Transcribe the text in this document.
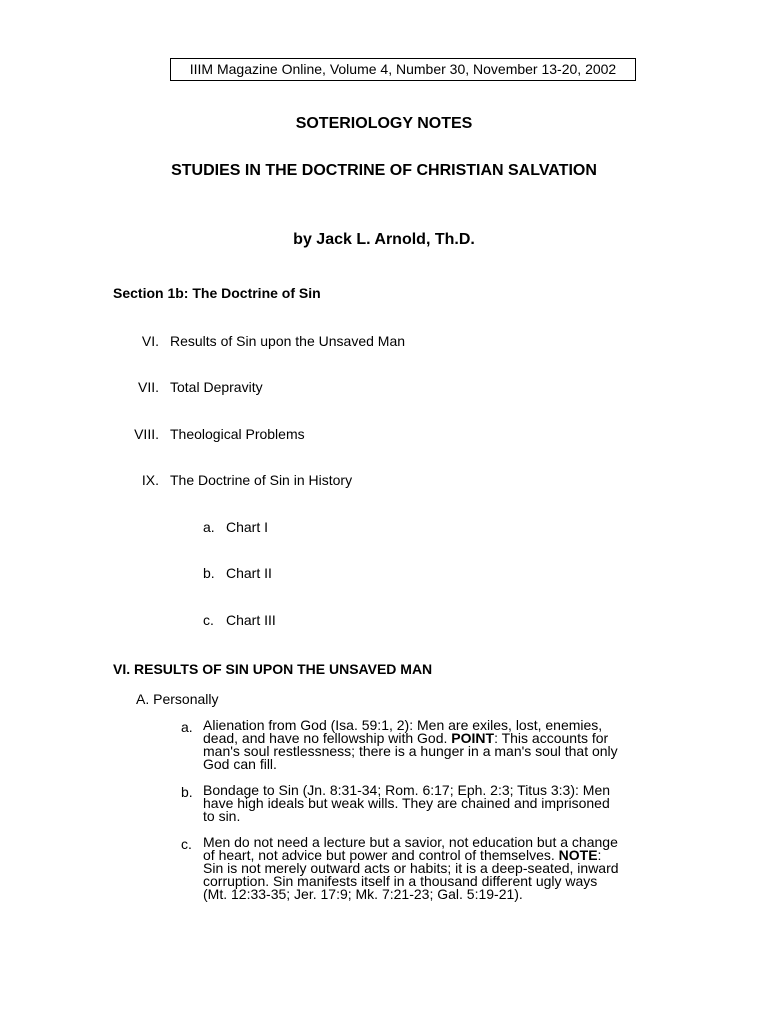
IIIM Magazine Online, Volume 4, Number 30, November 13-20, 2002
SOTERIOLOGY NOTES
STUDIES IN THE DOCTRINE OF CHRISTIAN SALVATION
by Jack L. Arnold, Th.D.
Section 1b: The Doctrine of Sin
VI. Results of Sin upon the Unsaved Man
VII. Total Depravity
VIII. Theological Problems
IX. The Doctrine of Sin in History
a. Chart I
b. Chart II
c. Chart III
VI. RESULTS OF SIN UPON THE UNSAVED MAN
A. Personally
a. Alienation from God (Isa. 59:1, 2): Men are exiles, lost, enemies,
dead, and have no fellowship with God. POINT: This accounts for
man's soul restlessness; there is a hunger in a man's soul that only
God can fill.
b. Bondage to Sin (Jn. 8:31-34; Rom. 6:17; Eph. 2:3; Titus 3:3): Men
have high ideals but weak wills. They are chained and imprisoned
to sin.
c. Men do not need a lecture but a savior, not education but a change
of heart, not advice but power and control of themselves. NOTE:
Sin is not merely outward acts or habits; it is a deep-seated, inward
corruption. Sin manifests itself in a thousand different ugly ways
(Mt. 12:33-35; Jer. 17:9; Mk. 7:21-23; Gal. 5:19-21).
